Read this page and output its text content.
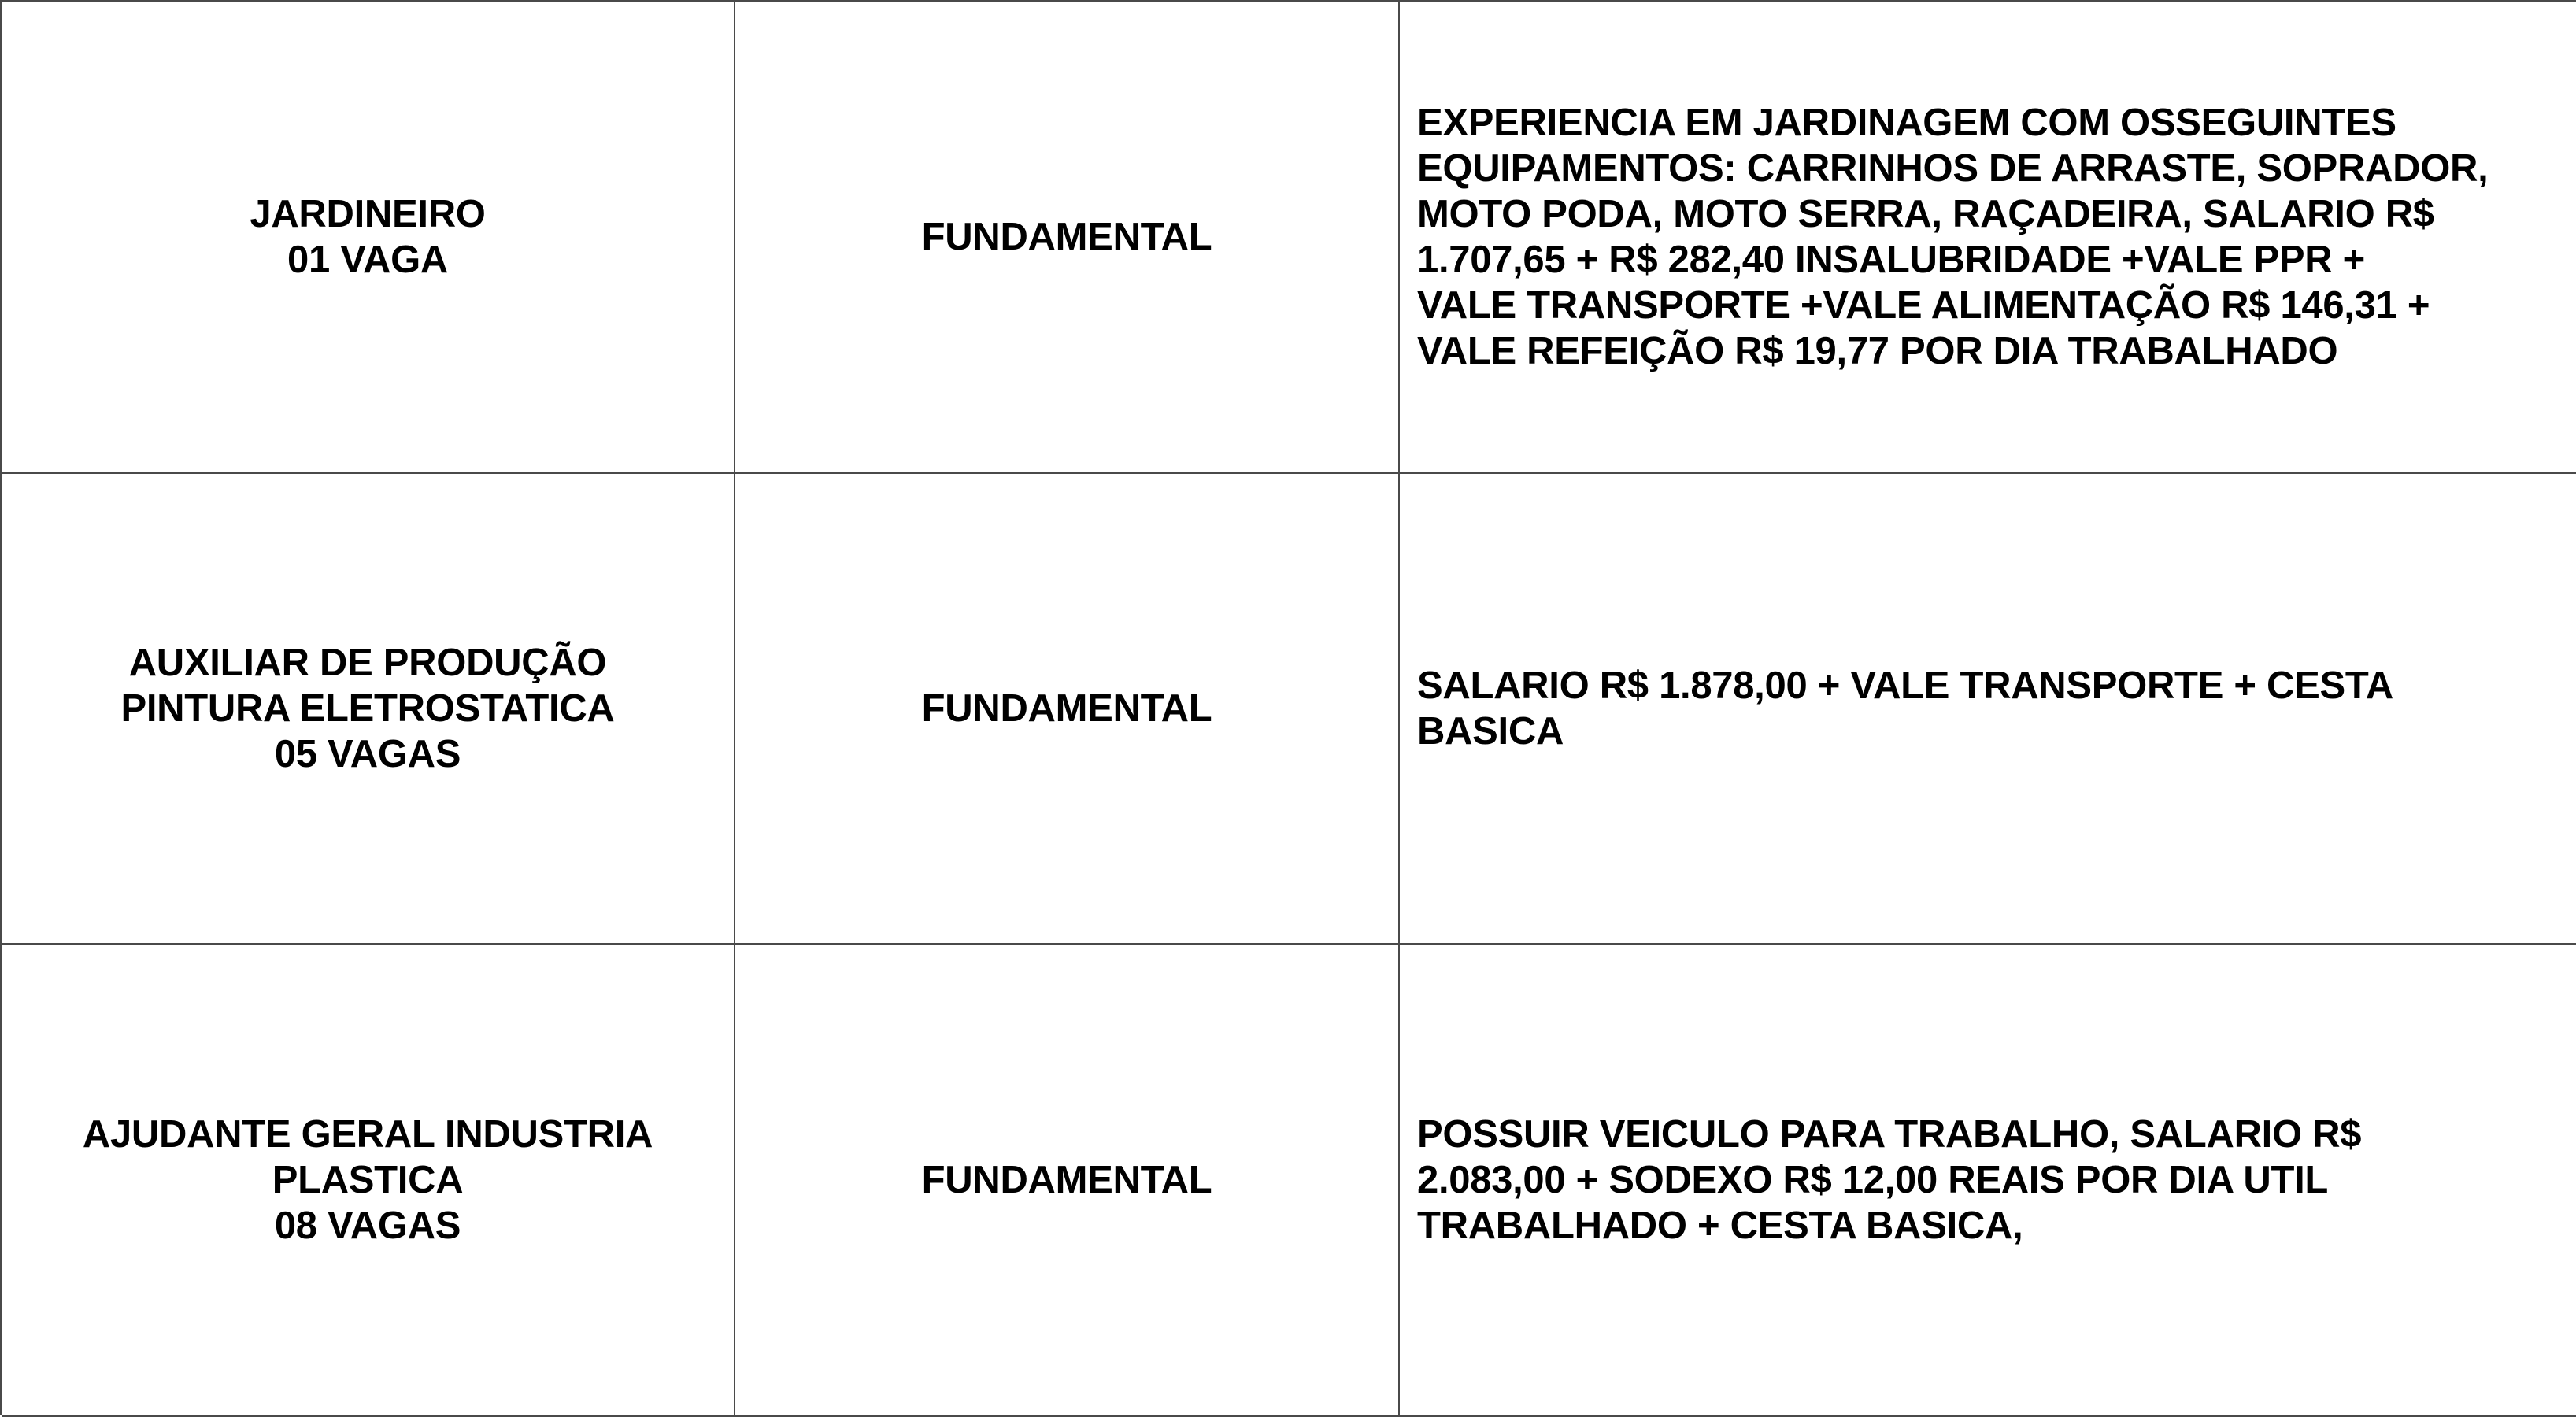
JARDINEIRO
01 VAGA
FUNDAMENTAL
EXPERIENCIA EM JARDINAGEM COM OSSEGUINTES
EQUIPAMENTOS: CARRINHOS DE ARRASTE, SOPRADOR,
MOTO PODA, MOTO SERRA, RAÇADEIRA, SALARIO R$
1.707,65 + R$ 282,40 INSALUBRIDADE +VALE PPR +
VALE TRANSPORTE +VALE ALIMENTAÇÃO R$ 146,31 +
VALE REFEIÇÃO R$ 19,77 POR DIA TRABALHADO
AUXILIAR DE PRODUÇÃO
PINTURA ELETROSTATICA
05 VAGAS
FUNDAMENTAL
SALARIO R$ 1.878,00 + VALE TRANSPORTE + CESTA
BASICA
AJUDANTE GERAL INDUSTRIA
PLASTICA
08 VAGAS
FUNDAMENTAL
POSSUIR VEICULO PARA TRABALHO, SALARIO R$
2.083,00 + SODEXO R$ 12,00 REAIS POR DIA UTIL
TRABALHADO + CESTA BASICA,
